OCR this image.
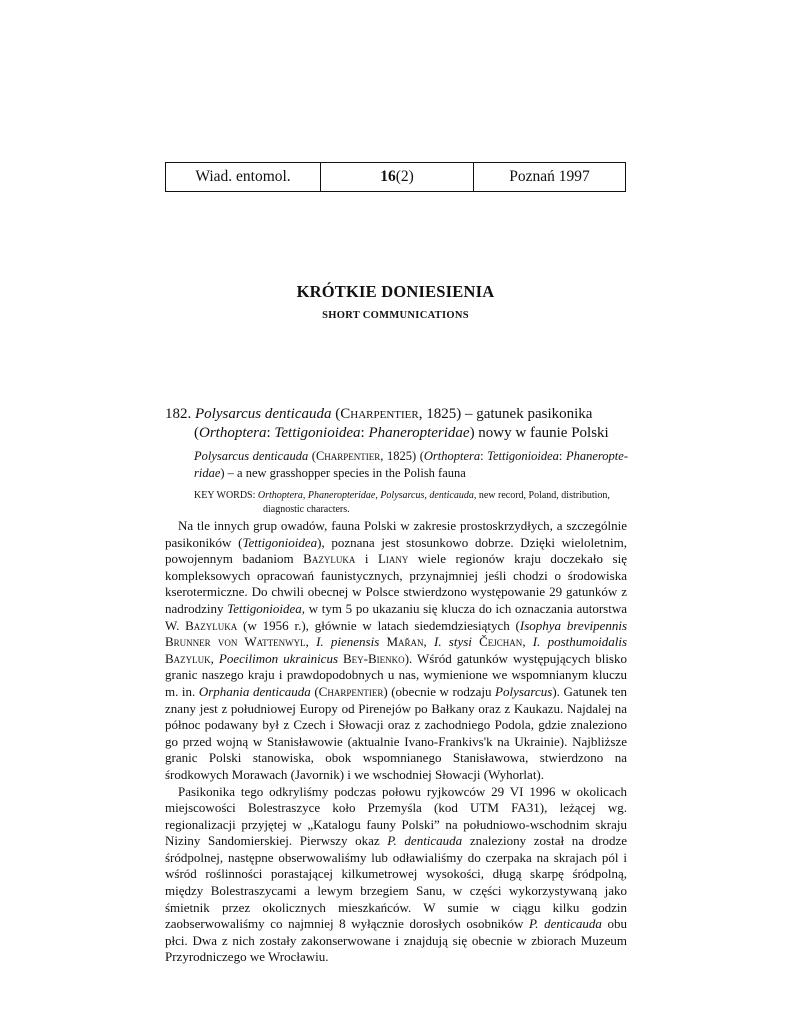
Wiad. entomol.	16 (2)	Poznań 1997
KRÓTKIE DONIESIENIA
SHORT COMMUNICATIONS
182. Polysarcus denticauda (Charpentier, 1825) – gatunek pasikonika
(Orthoptera: Tettigonioidea: Phaneropteridae) nowy w faunie Polski
Polysarcus denticauda (Charpentier, 1825) (Orthoptera: Tettigonioidea: Phaneropte-ridae) – a new grasshopper species in the Polish fauna
KEY WORDS: Orthoptera, Phaneropteridae, Polysarcus, denticauda, new record, Poland, distribution,
diagnostic characters.

Na tle innych grup owadów, fauna Polski w zakresie prostoskrzydłych, a szczególnie pasikoników (Tettigonioidea), poznana jest stosunkowo dobrze. Dzięki wieloletnim, powojennym badaniom Bazyluka i Liany wiele regionów kraju doczekało się kompleksowych opracowań faunistycznych, przynajmniej jeśli chodzi o środowiska kserotermiczne. Do chwili obecnej w Polsce stwierdzono występowanie 29 gatunków z nadrodziny Tettigonioidea, w tym 5 po ukazaniu się klucza do ich oznaczania autorstwa W. Bazyluka (w 1956 r.), głównie w latach siedemdziesiątych (Isophya brevipennis Brunner von Wattenwyl, I. pienensis Mařan, I. stysi Čejchan, I. posthumoidalis Bazyluk, Poecilimon ukrainicus Bey-Bienko). Wśród gatunków występujących blisko granic naszego kraju i prawdopodobnych u nas, wymienione we wspomnianym kluczu m. in. Orphania denticauda (Charpentier) (obecnie w rodzaju Polysarcus). Gatunek ten znany jest z południowej Europy od Pirenejów po Bałkany oraz z Kaukazu. Najdalej na północ podawany był z Czech i Słowacji oraz z zachodniego Podola, gdzie znaleziono go przed wojną w Stanisławowie (aktualnie Ivano-Frankivs'k na Ukrainie). Najbliższe granic Polski stanowiska, obok wspomnianego Stanisławowa, stwierdzono na środkowych Morawach (Javornik) i we wschodniej Słowacji (Wyhorlat).

Pasikonika tego odkryliśmy podczas połowu ryjkowców 29 VI 1996 w okolicach miejscowości Bolestraszyce koło Przemyśla (kod UTM FA31), leżącej wg. regionalizacji przyjętej w „Katalogu fauny Polski” na południowo-wschodnim skraju Niziny Sandomierskiej. Pierwszy okaz P. denticauda znaleziony został na drodze śródpolnej, następne obserwowaliśmy lub odławialiśmy do czerpaka na skrajach pól i wśród roślinności porastającej kilkumetrowej wysokości, długą skarpę śródpolną, między Bolestraszycami a lewym brzegiem Sanu, w części wykorzystywaną jako śmietnik przez okolicznych mieszkańców. W sumie w ciągu kilku godzin zaobserwowaliśmy co najmniej 8 wyłącznie dorosłych osobników P. denticauda obu płci. Dwa z nich zostały zakonserwowane i znajdują się obecnie w zbiorach Muzeum Przyrodniczego we Wrocławiu.
